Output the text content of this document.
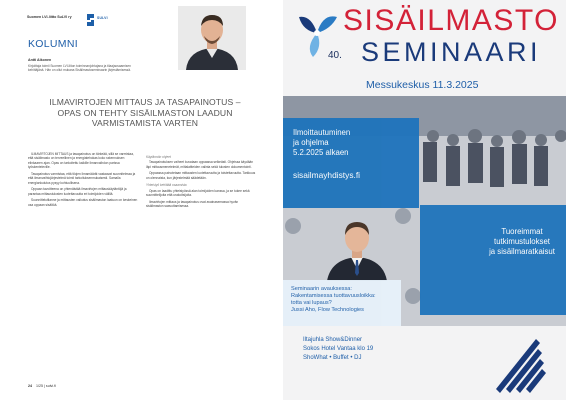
Suomen LVI-liitto SuLVI ry	SULVI
KOLUMNI
Antti Aikonen
Kirjoittaja toimii Suomen LVI-liiton toiminnanjohtajana ja tilaajaosaamisen kehittäjänä. Hän on ollut mukana Sisäilmastoseminaarin järjestämisessä.
ILMAVIRTOJEN MITTAUS JA TASAPAINOTUS – OPAS ON TEHTY SISÄILMASTON LAADUN VARMISTAMISTA VARTEN

ILMAVIRTOJEN MITTAUS ja tasapainotus on tärkeää, sillä se varmistaa, että sisäilmasto on terveellinen ja energiatehokas koko rakennuksen elinkaaren ajan. Opas on tarkoitettu kaikille ilmanvaihdon parissa työskenteleville.

Tasapainotus varmistaa, että tilojen ilmamäärät vastaavat suunnitelmaa ja että ilmanvaihtojärjestelmä toimii tarkoituksenmukaisesti. Samalla energiankulutus pysyy kohtuullisena.

Oppaan tavoitteena on yhtenäistää ilmavirtojen mittauskäytäntöjä ja parantaa mittaustulosten luotettavuutta eri toimijoiden välillä.

Suunnittelutilanne ja mittausten vaikutus sisäilmaston laatuun on keskeinen osa oppaan sisältöä.

Käytännön ohjeet

Tasapainotuksen vaiheet kuvataan oppaassa selkeästi. Ohjeissa käydään läpi mittausmenetelmät, mittalaitteiden valinta sekä tulosten dokumentointi.

Oppaassa painotetaan mittausten luotettavuutta ja toistettavuutta. Tarkkuus on olennaista, kun järjestelmää säädetään.

Yhteistyö kehittää osaamista

Opas on laadittu yhteistyössä alan toimijoiden kanssa, ja se tukee sekä suunnittelijoita että urakoitsijoita.

Ilmavirtojen mittaus ja tasapainotus ovat avainasemassa hyvän sisäilmaston saavuttamisessa.

24 1/25 | sulvi.fi
SISÄILMASTO
40. SEMINAARI
Messukeskus 11.3.2025
Ilmoittautuminen
ja ohjelma
5.2.2025 alkaen
sisailmayhdistys.fi
Tuoreimmat
tutkimustulokset
ja sisäilmaratkaisut
Seminaarin avauksessa:
Rakentamisessa tuottavuusloikka:
totta vai lupaus?
Jussi Aho, Flow Technologies
Iltajuhla Show&Dinner
Sokos Hotel Vantaa klo 19
ShoWhat • Buffet • DJ
